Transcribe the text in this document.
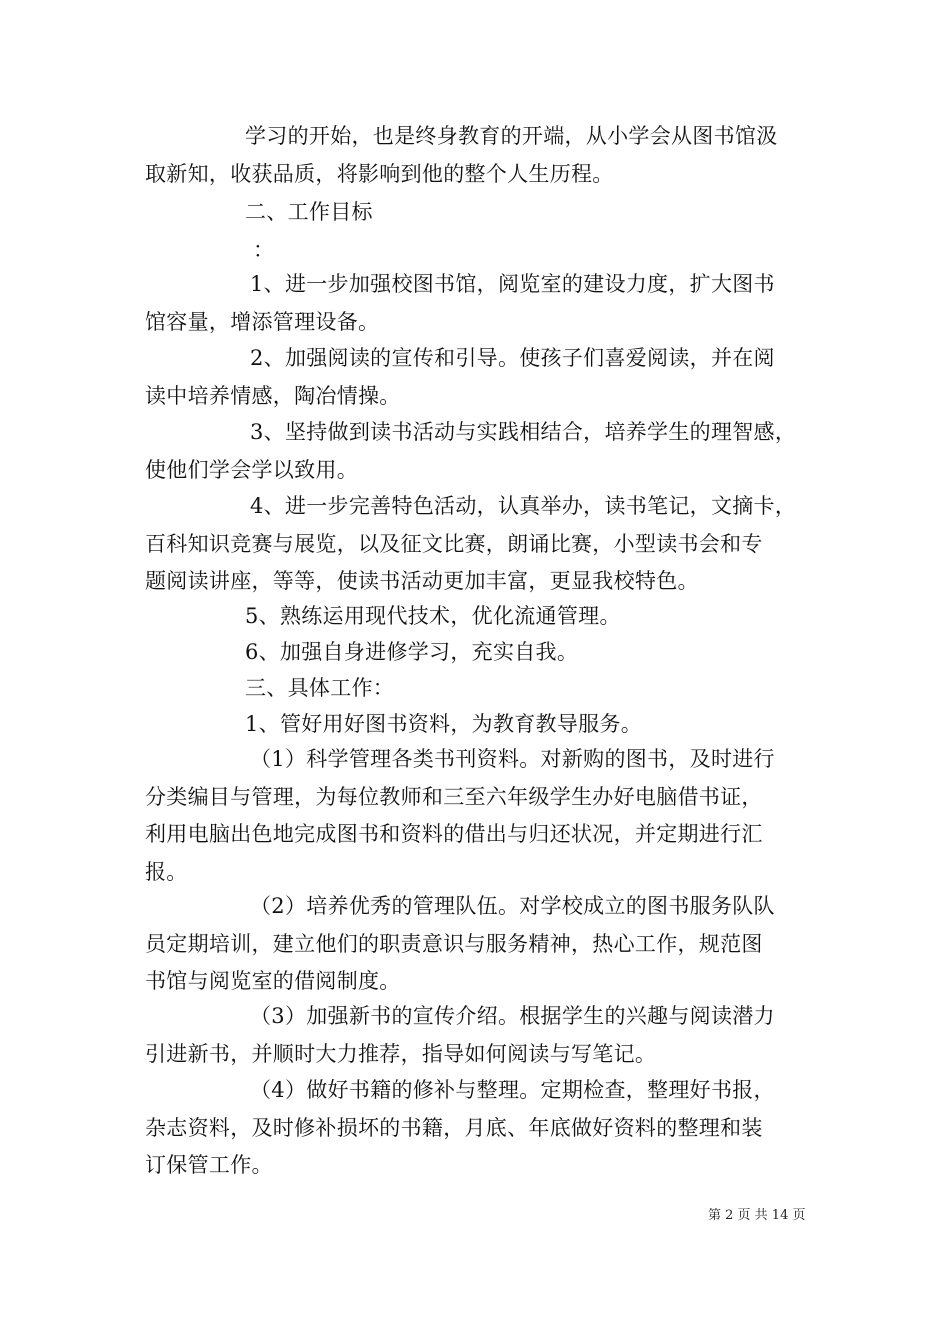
学习的开始，也是终身教育的开端，从小学会从图书馆汲
取新知，收获品质，将影响到他的整个人生历程。

二、工作目标

：

1、进一步加强校图书馆，阅览室的建设力度，扩大图书
馆容量，增添管理设备。

2、加强阅读的宣传和引导。使孩子们喜爱阅读，并在阅
读中培养情感，陶冶情操。

3、坚持做到读书活动与实践相结合，培养学生的理智感，
使他们学会学以致用。

4、进一步完善特色活动，认真举办，读书笔记，文摘卡，
百科知识竞赛与展览，以及征文比赛，朗诵比赛，小型读书会和专
题阅读讲座，等等，使读书活动更加丰富，更显我校特色。

5、熟练运用现代技术，优化流通管理。

6、加强自身进修学习，充实自我。

三、具体工作：

1、管好用好图书资料，为教育教导服务。

（1）科学管理各类书刊资料。对新购的图书，及时进行
分类编目与管理，为每位教师和三至六年级学生办好电脑借书证，
利用电脑出色地完成图书和资料的借出与归还状况，并定期进行汇
报。

（2）培养优秀的管理队伍。对学校成立的图书服务队队
员定期培训，建立他们的职责意识与服务精神，热心工作，规范图
书馆与阅览室的借阅制度。

（3）加强新书的宣传介绍。根据学生的兴趣与阅读潜力
引进新书，并顺时大力推荐，指导如何阅读与写笔记。

（4）做好书籍的修补与整理。定期检查，整理好书报，
杂志资料，及时修补损坏的书籍，月底、年底做好资料的整理和装
订保管工作。

第 2 页 共 14 页
